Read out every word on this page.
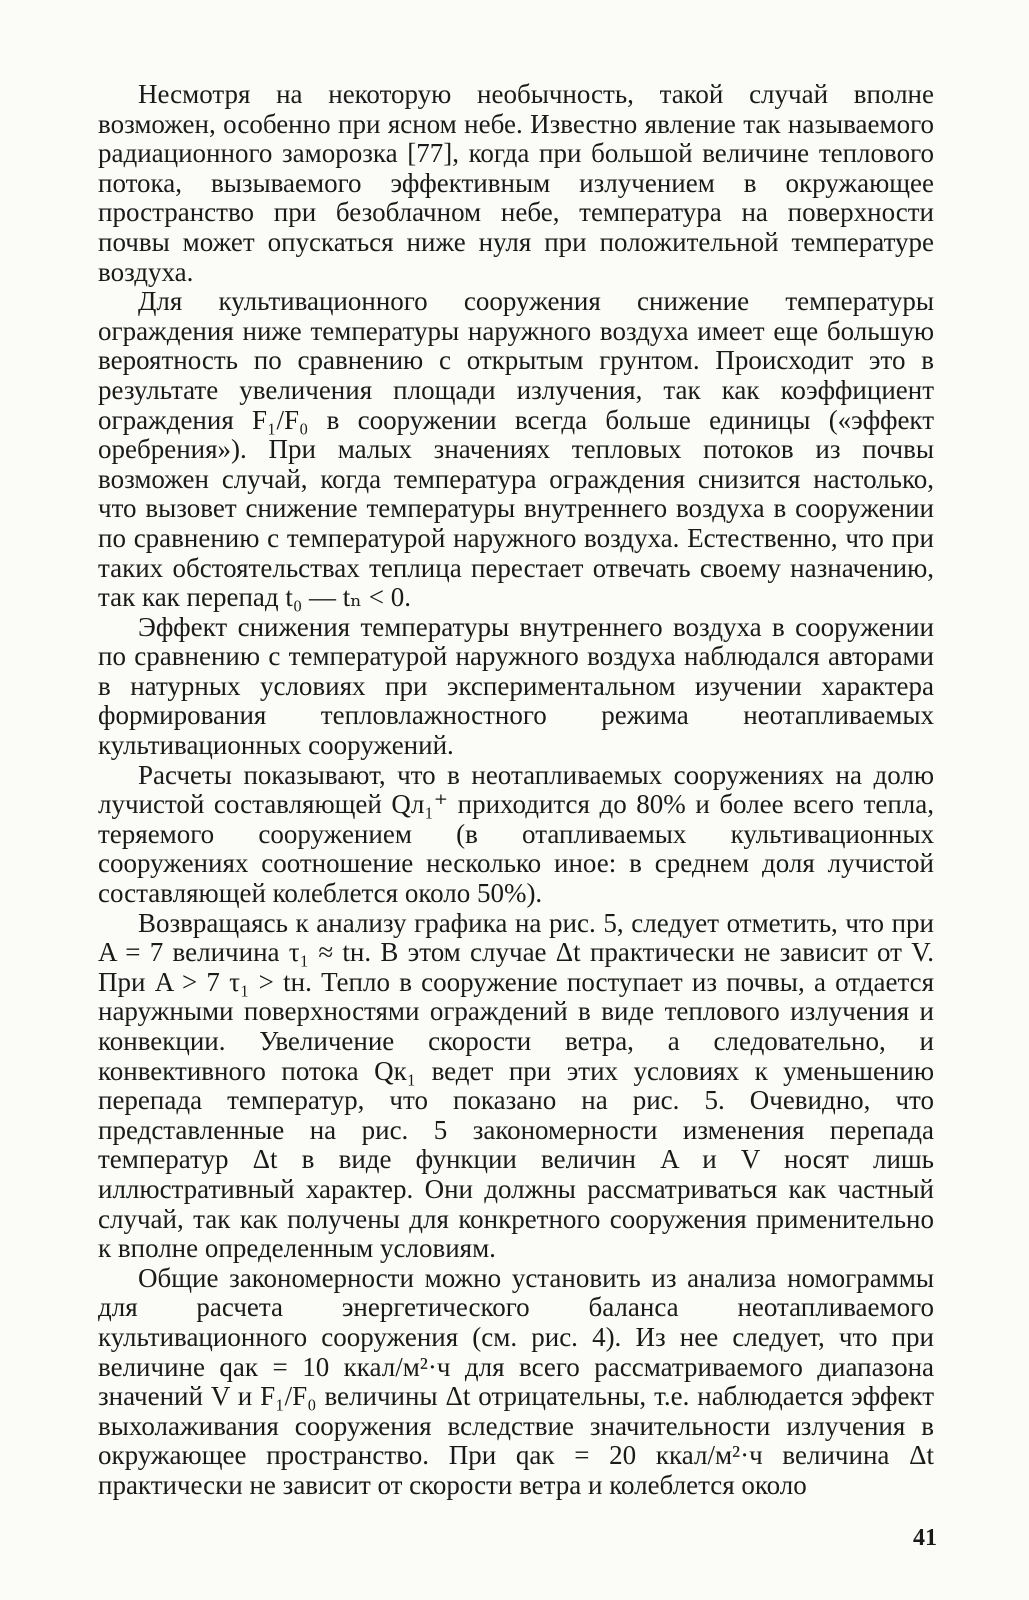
Несмотря на некоторую необычность, такой случай вполне возможен, особенно при ясном небе. Известно явление так называемого радиационного заморозка [77], когда при большой величине теплового потока, вызываемого эффективным излучением в окружающее пространство при безоблачном небе, температура на поверхности почвы может опускаться ниже нуля при положительной температуре воздуха.

Для культивационного сооружения снижение температуры ограждения ниже температуры наружного воздуха имеет еще большую вероятность по сравнению с открытым грунтом. Происходит это в результате увеличения площади излучения, так как коэффициент ограждения F₁/F₀ в сооружении всегда больше единицы («эффект оребрения»). При малых значениях тепловых потоков из почвы возможен случай, когда температура ограждения снизится настолько, что вызовет снижение температуры внутреннего воздуха в сооружении по сравнению с температурой наружного воздуха. Естественно, что при таких обстоятельствах теплица перестает отвечать своему назначению, так как перепад t₀ — tₙ < 0.

Эффект снижения температуры внутреннего воздуха в сооружении по сравнению с температурой наружного воздуха наблюдался авторами в натурных условиях при экспериментальном изучении характера формирования тепловлажностного режима неотапливаемых культивационных сооружений.

Расчеты показывают, что в неотапливаемых сооружениях на долю лучистой составляющей Qл₁⁺ приходится до 80% и более всего тепла, теряемого сооружением (в отапливаемых культивационных сооружениях соотношение несколько иное: в среднем доля лучистой составляющей колеблется около 50%).

Возвращаясь к анализу графика на рис. 5, следует отметить, что при A = 7 величина τ₁ ≈ tн. В этом случае Δt практически не зависит от V. При A > 7 τ₁ > tн. Тепло в сооружение поступает из почвы, а отдается наружными поверхностями ограждений в виде теплового излучения и конвекции. Увеличение скорости ветра, а следовательно, и конвективного потока Qк₁ ведет при этих условиях к уменьшению перепада температур, что показано на рис. 5. Очевидно, что представленные на рис. 5 закономерности изменения перепада температур Δt в виде функции величин A и V носят лишь иллюстративный характер. Они должны рассматриваться как частный случай, так как получены для конкретного сооружения применительно к вполне определенным условиям.

Общие закономерности можно установить из анализа номограммы для расчета энергетического баланса неотапливаемого культивационного сооружения (см. рис. 4). Из нее следует, что при величине qак = 10 ккал/м²·ч для всего рассматриваемого диапазона значений V и F₁/F₀ величины Δt отрицательны, т.е. наблюдается эффект выхолаживания сооружения вследствие значительности излучения в окружающее пространство. При qак = 20 ккал/м²·ч величина Δt практически не зависит от скорости ветра и колеблется около

41
